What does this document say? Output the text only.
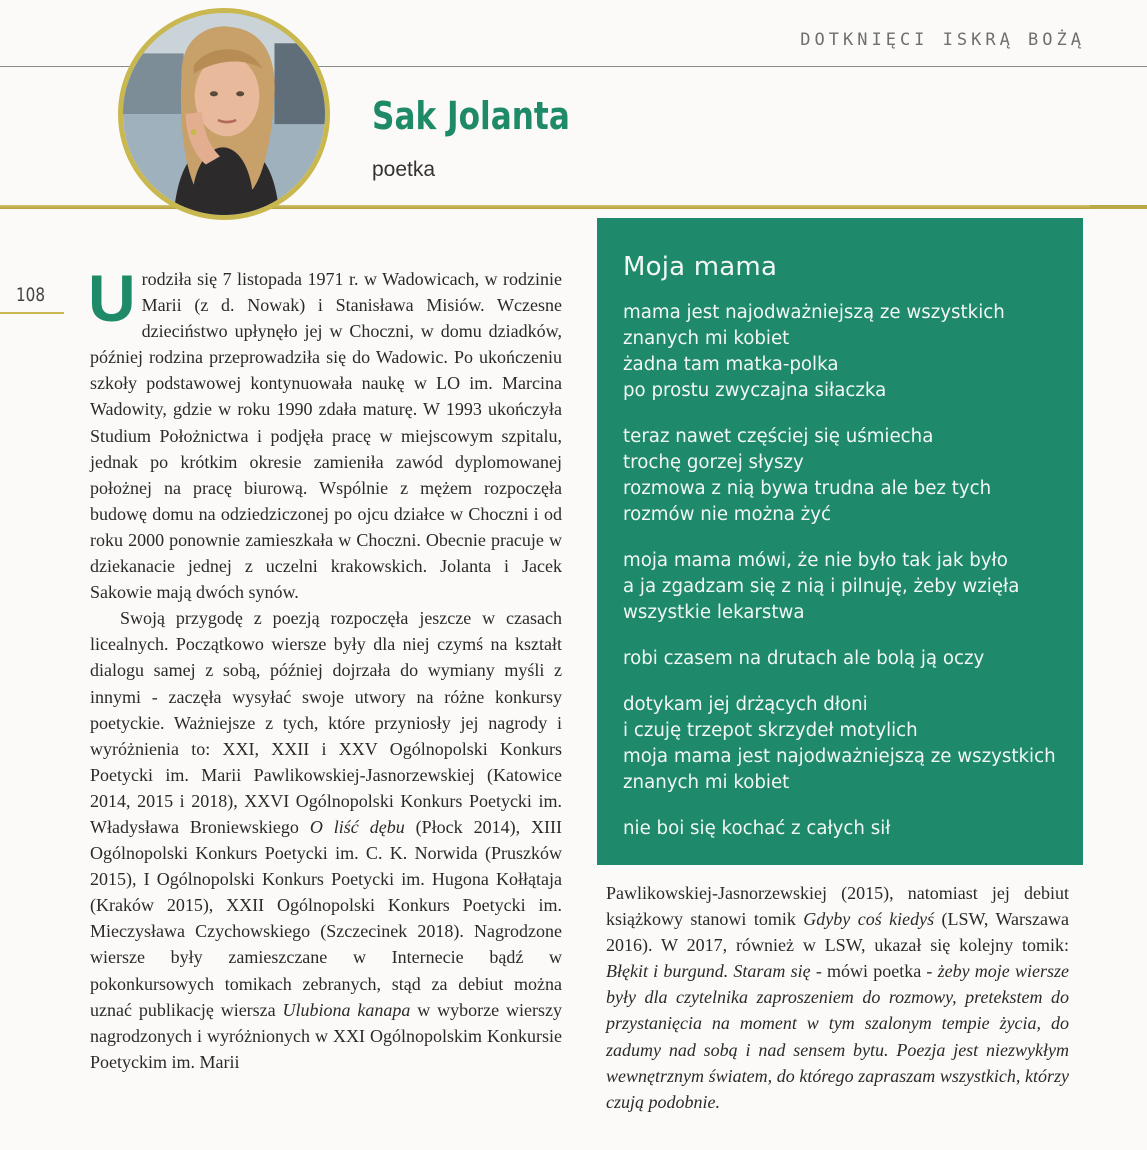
DOTKNIĘCI ISKRĄ BOŻĄ
Sak Jolanta
poetka
108 Urodziła się 7 listopada 1971 r. w Wadowicach, w rodzinie Marii (z d. Nowak) i Stanisława Misiów. Wczesne dzieciństwo upłynęło jej w Choczni, w domu dziadków, później rodzina przeprowadziła się do Wadowic. Po ukończeniu szkoły podstawowej kontynuowała naukę w LO im. Marcina Wadowity, gdzie w roku 1990 zdała maturę. W 1993 ukończyła Studium Położnictwa i podjęła pracę w miejscowym szpitalu, jednak po krótkim okresie zamieniła zawód dyplomowanej położnej na pracę biurową. Wspólnie z mężem rozpoczęła budowę domu na odziedziczonej po ojcu działce w Choczni i od roku 2000 ponownie zamieszkała w Choczni. Obecnie pracuje w dziekanacie jednej z uczelni krakowskich. Jolanta i Jacek Sakowie mają dwóch synów.

Swoją przygodę z poezją rozpoczęła jeszcze w czasach licealnych. Początkowo wiersze były dla niej czymś na kształt dialogu samej z sobą, później dojrzała do wymiany myśli z innymi - zaczęła wysyłać swoje utwory na różne konkursy poetyckie. Ważniejsze z tych, które przyniosły jej nagrody i wyróżnienia to: XXI, XXII i XXV Ogólnopolski Konkurs Poetycki im. Marii Pawlikowskiej-Jasnorzewskiej (Katowice 2014, 2015 i 2018), XXVI Ogólnopolski Konkurs Poetycki im. Władysława Broniewskiego O liść dębu (Płock 2014), XIII Ogólnopolski Konkurs Poetycki im. C. K. Norwida (Pruszków 2015), I Ogólnopolski Konkurs Poetycki im. Hugona Kołłątaja (Kraków 2015), XXII Ogólnopolski Konkurs Poetycki im. Mieczysława Czychowskiego (Szczecinek 2018). Nagrodzone wiersze były zamieszczane w Internecie bądź w pokonkursowych tomikach zebranych, stąd za debiut można uznać publikację wiersza Ulubiona kanapa w wyborze wierszy nagrodzonych i wyróżnionych w XXI Ogólnopolskim Konkursie Poetyckim im. Marii

Moja mama
mama jest najodważniejszą ze wszystkich
znanych mi kobiet
żadna tam matka-polka
po prostu zwyczajna siłaczka
teraz nawet częściej się uśmiecha
trochę gorzej słyszy
rozmowa z nią bywa trudna ale bez tych
rozmów nie można żyć
moja mama mówi, że nie było tak jak było
a ja zgadzam się z nią i pilnuję, żeby wzięła
wszystkie lekarstwa
robi czasem na drutach ale bolą ją oczy
dotykam jej drżących dłoni
i czuję trzepot skrzydeł motylich
moja mama jest najodważniejszą ze wszystkich
znanych mi kobiet
nie boi się kochać z całych sił

Pawlikowskiej-Jasnorzewskiej (2015), natomiast jej debiut książkowy stanowi tomik Gdyby coś kiedyś (LSW, Warszawa 2016). W 2017, również w LSW, ukazał się kolejny tomik: Błękit i burgund. Staram się - mówi poetka - żeby moje wiersze były dla czytelnika zaproszeniem do rozmowy, pretekstem do przystanięcia na moment w tym szalonym tempie życia, do zadumy nad sobą i nad sensem bytu. Poezja jest niezwykłym wewnętrznym światem, do którego zapraszam wszystkich, którzy czują podobnie.
